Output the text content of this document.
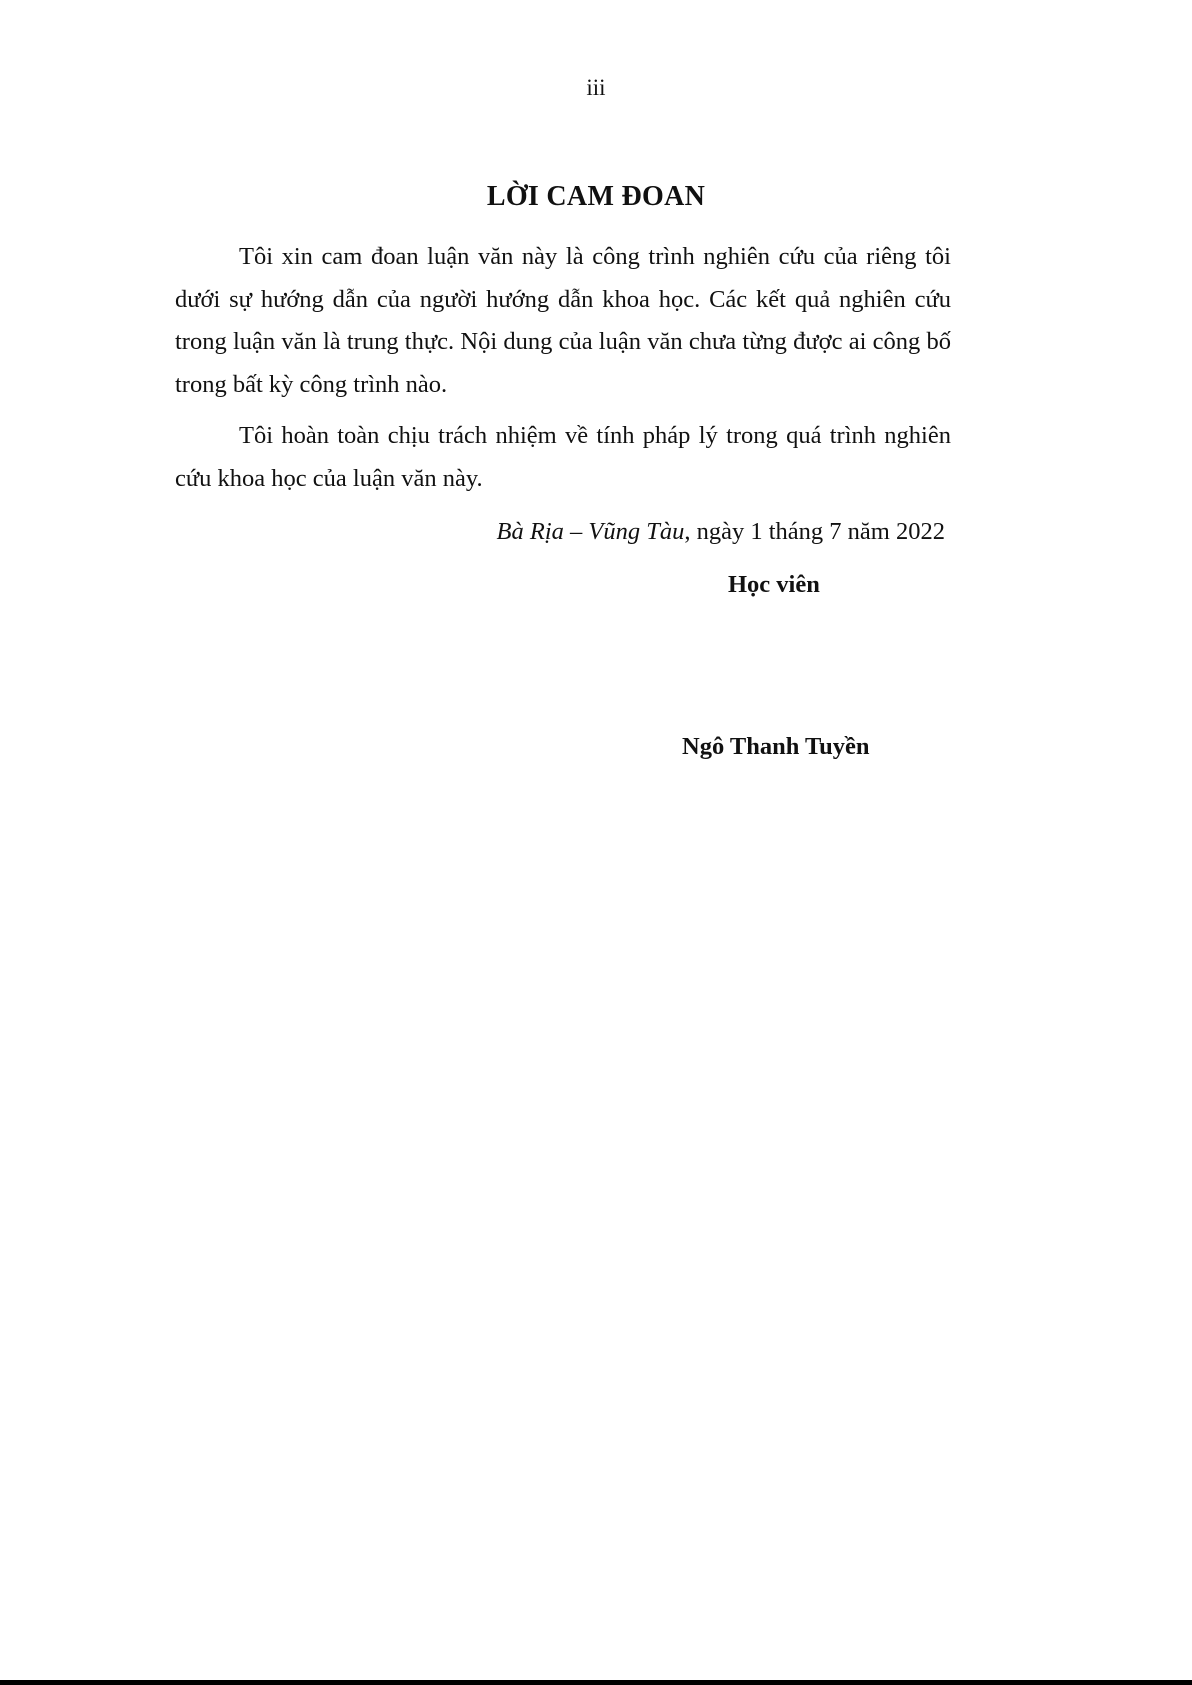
iii
LỜI CAM ĐOAN

Tôi xin cam đoan luận văn này là công trình nghiên cứu của riêng tôi dưới sự hướng dẫn của người hướng dẫn khoa học. Các kết quả nghiên cứu trong luận văn là trung thực. Nội dung của luận văn chưa từng được ai công bố trong bất kỳ công trình nào.

Tôi hoàn toàn chịu trách nhiệm về tính pháp lý trong quá trình nghiên cứu khoa học của luận văn này.

Bà Rịa – Vũng Tàu, ngày 1 tháng 7 năm 2022
Học viên
Ngô Thanh Tuyền
